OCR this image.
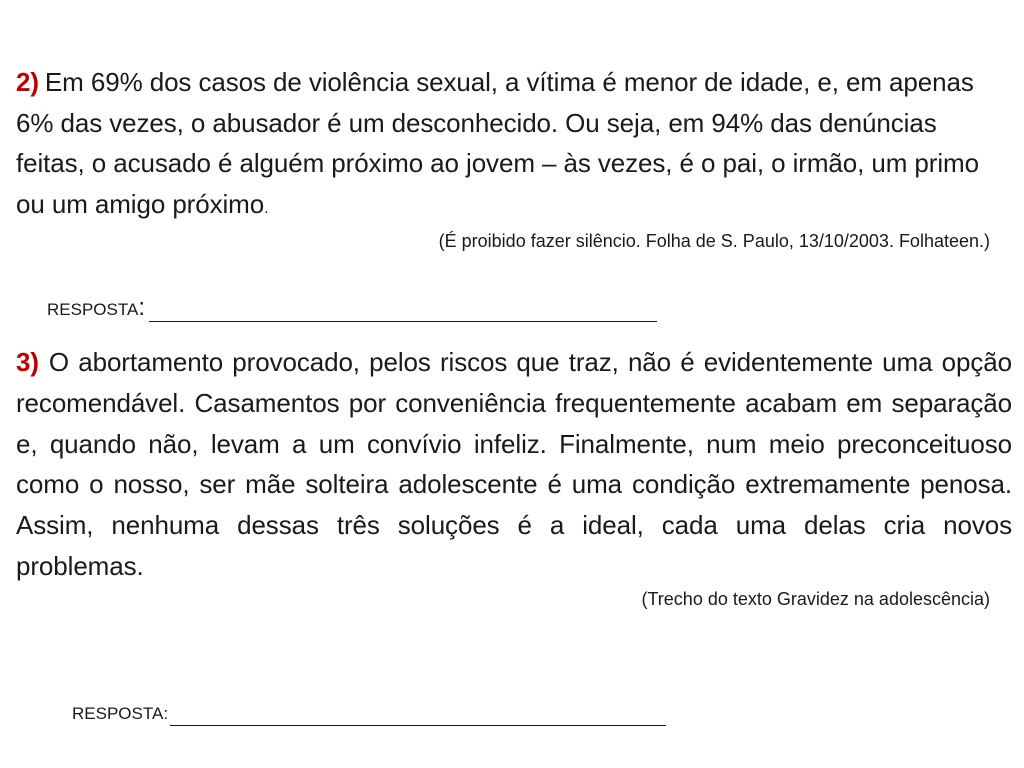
2) Em 69% dos casos de violência sexual, a vítima é menor de idade, e, em apenas 6% das vezes, o abusador é um desconhecido. Ou seja, em 94% das denúncias feitas, o acusado é alguém próximo ao jovem – às vezes, é o pai, o irmão, um primo ou um amigo próximo.

(É proibido fazer silêncio. Folha de S. Paulo, 13/10/2003. Folhateen.)

RESPOSTA:

3) O abortamento provocado, pelos riscos que traz, não é evidentemente uma opção recomendável. Casamentos por conveniência frequentemente acabam em separação e, quando não, levam a um convívio infeliz. Finalmente, num meio preconceituoso como o nosso, ser mãe solteira adolescente é uma condição extremamente penosa. Assim, nenhuma dessas três soluções é a ideal, cada uma delas cria novos problemas.

(Trecho do texto Gravidez na adolescência)

RESPOSTA:
